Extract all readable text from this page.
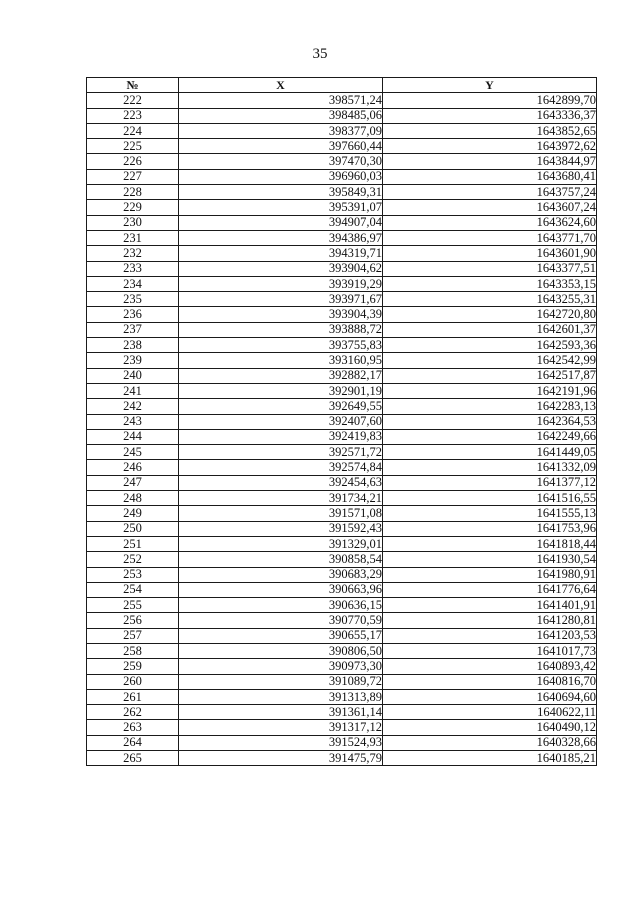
35
№	X	Y
222	398571,24	1642899,70
223	398485,06	1643336,37
224	398377,09	1643852,65
225	397660,44	1643972,62
226	397470,30	1643844,97
227	396960,03	1643680,41
228	395849,31	1643757,24
229	395391,07	1643607,24
230	394907,04	1643624,60
231	394386,97	1643771,70
232	394319,71	1643601,90
233	393904,62	1643377,51
234	393919,29	1643353,15
235	393971,67	1643255,31
236	393904,39	1642720,80
237	393888,72	1642601,37
238	393755,83	1642593,36
239	393160,95	1642542,99
240	392882,17	1642517,87
241	392901,19	1642191,96
242	392649,55	1642283,13
243	392407,60	1642364,53
244	392419,83	1642249,66
245	392571,72	1641449,05
246	392574,84	1641332,09
247	392454,63	1641377,12
248	391734,21	1641516,55
249	391571,08	1641555,13
250	391592,43	1641753,96
251	391329,01	1641818,44
252	390858,54	1641930,54
253	390683,29	1641980,91
254	390663,96	1641776,64
255	390636,15	1641401,91
256	390770,59	1641280,81
257	390655,17	1641203,53
258	390806,50	1641017,73
259	390973,30	1640893,42
260	391089,72	1640816,70
261	391313,89	1640694,60
262	391361,14	1640622,11
263	391317,12	1640490,12
264	391524,93	1640328,66
265	391475,79	1640185,21
